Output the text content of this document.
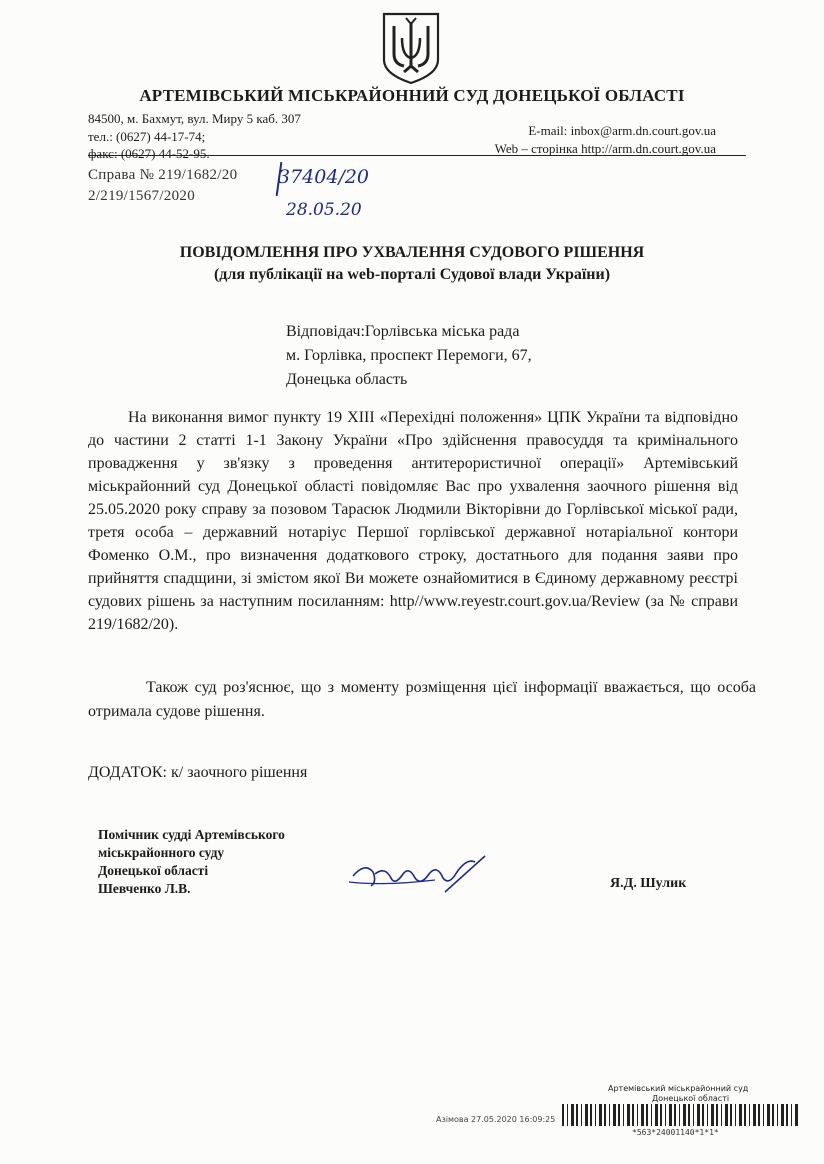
АРТЕМІВСЬКИЙ МІСЬКРАЙОННИЙ СУД ДОНЕЦЬКОЇ ОБЛАСТІ
84500, м. Бахмут, вул. Миру 5 каб. 307
тел.: (0627) 44-17-74;
факс: (0627) 44-52-95.
E-mail: inbox@arm.dn.court.gov.ua
Web – сторінка http://arm.dn.court.gov.ua
Справа № 219/1682/20
2/219/1567/2020
37404/20
28.05.20
ПОВІДОМЛЕННЯ ПРО УХВАЛЕННЯ СУДОВОГО РІШЕННЯ
(для публікації на web-порталі Судової влади України)
Відповідач:Горлівська міська рада
м. Горлівка, проспект Перемоги, 67,
Донецька область

На виконання вимог пункту 19 XIII «Перехідні положення» ЦПК України та відповідно до частини 2 статті 1-1 Закону України «Про здійснення правосуддя та кримінального провадження у зв'язку з проведення антитерористичної операції» Артемівський міськрайонний суд Донецької області повідомляє Вас про ухвалення заочного рішення від 25.05.2020 року справу за позовом Тарасюк Людмили Вікторівни до Горлівської міської ради, третя особа – державний нотаріус Першої горлівської державної нотаріальної контори Фоменко О.М., про визначення додаткового строку, достатнього для подання заяви про прийняття спадщини, зі змістом якої Ви можете ознайомитися в Єдиному державному реєстрі судових рішень за наступним посиланням: http//www.reyestr.court.gov.ua/Review (за № справи 219/1682/20).

Також суд роз'яснює, що з моменту розміщення цієї інформації вважається, що особа отримала судове рішення.

ДОДАТОК: к/ заочного рішення
Помічник судді Артемівського
міськрайонного суду
Донецької області
Шевченко Л.В.	Я.Д. Шулик
Артемівський міськрайонний суд
Донецької області
Азімова 27.05.2020 16:09:25
*563*24001140*1*1*
